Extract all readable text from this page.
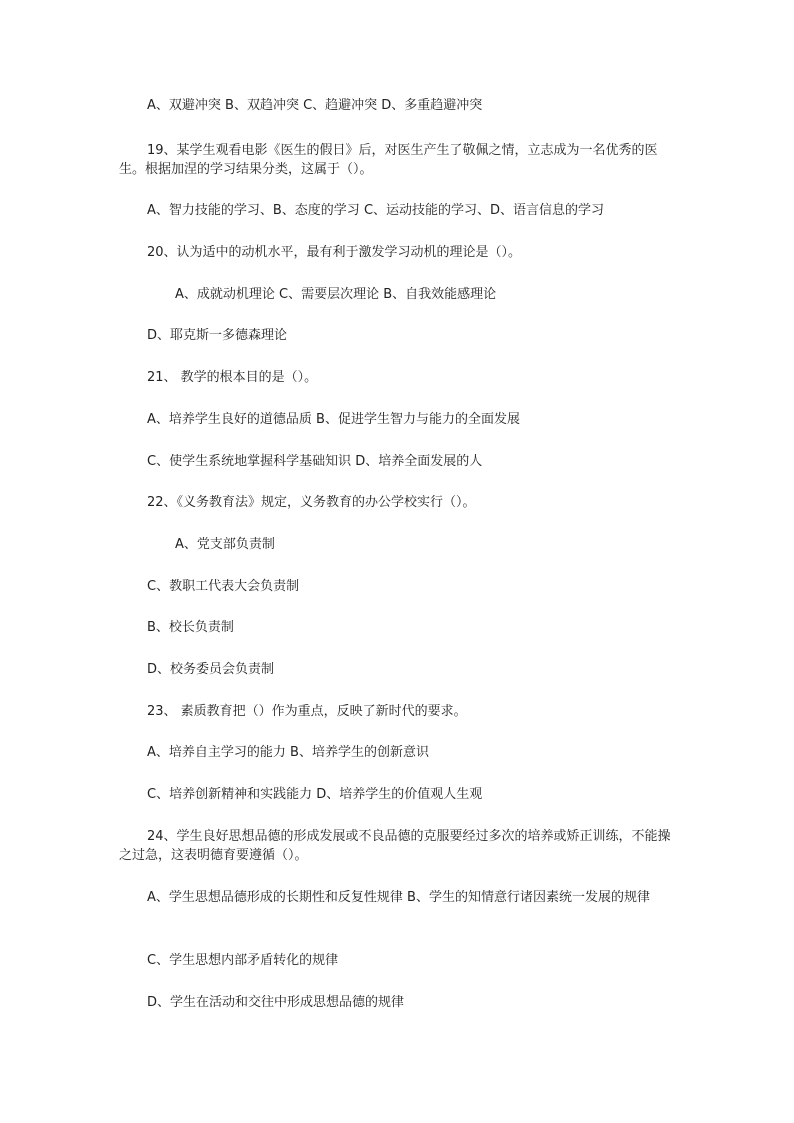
A、双避冲突 B、双趋冲突 C、趋避冲突 D、多重趋避冲突
19、某学生观看电影《医生的假日》后，对医生产生了敬佩之情，立志成为一名优秀的医生。根据加涅的学习结果分类，这属于（）。
A、智力技能的学习、B、态度的学习 C、运动技能的学习、D、语言信息的学习
20、认为适中的动机水平，最有利于激发学习动机的理论是（）。
A、成就动机理论 C、需要层次理论 B、自我效能感理论
D、耶克斯一多德森理论
21、 教学的根本目的是（）。
A、培养学生良好的道德品质 B、促进学生智力与能力的全面发展
C、使学生系统地掌握科学基础知识 D、培养全面发展的人
22、《义务教育法》规定，义务教育的办公学校实行（）。
A、党支部负责制
C、教职工代表大会负责制
B、校长负责制
D、校务委员会负责制
23、 素质教育把（）作为重点，反映了新时代的要求。
A、培养自主学习的能力 B、培养学生的创新意识
C、培养创新精神和实践能力 D、培养学生的价值观人生观
24、学生良好思想品德的形成发展或不良品德的克服要经过多次的培养或矫正训练，不能操之过急，这表明德育要遵循（）。
A、学生思想品德形成的长期性和反复性规律 B、学生的知情意行诸因素统一发展的规律
C、学生思想内部矛盾转化的规律
D、学生在活动和交往中形成思想品德的规律
